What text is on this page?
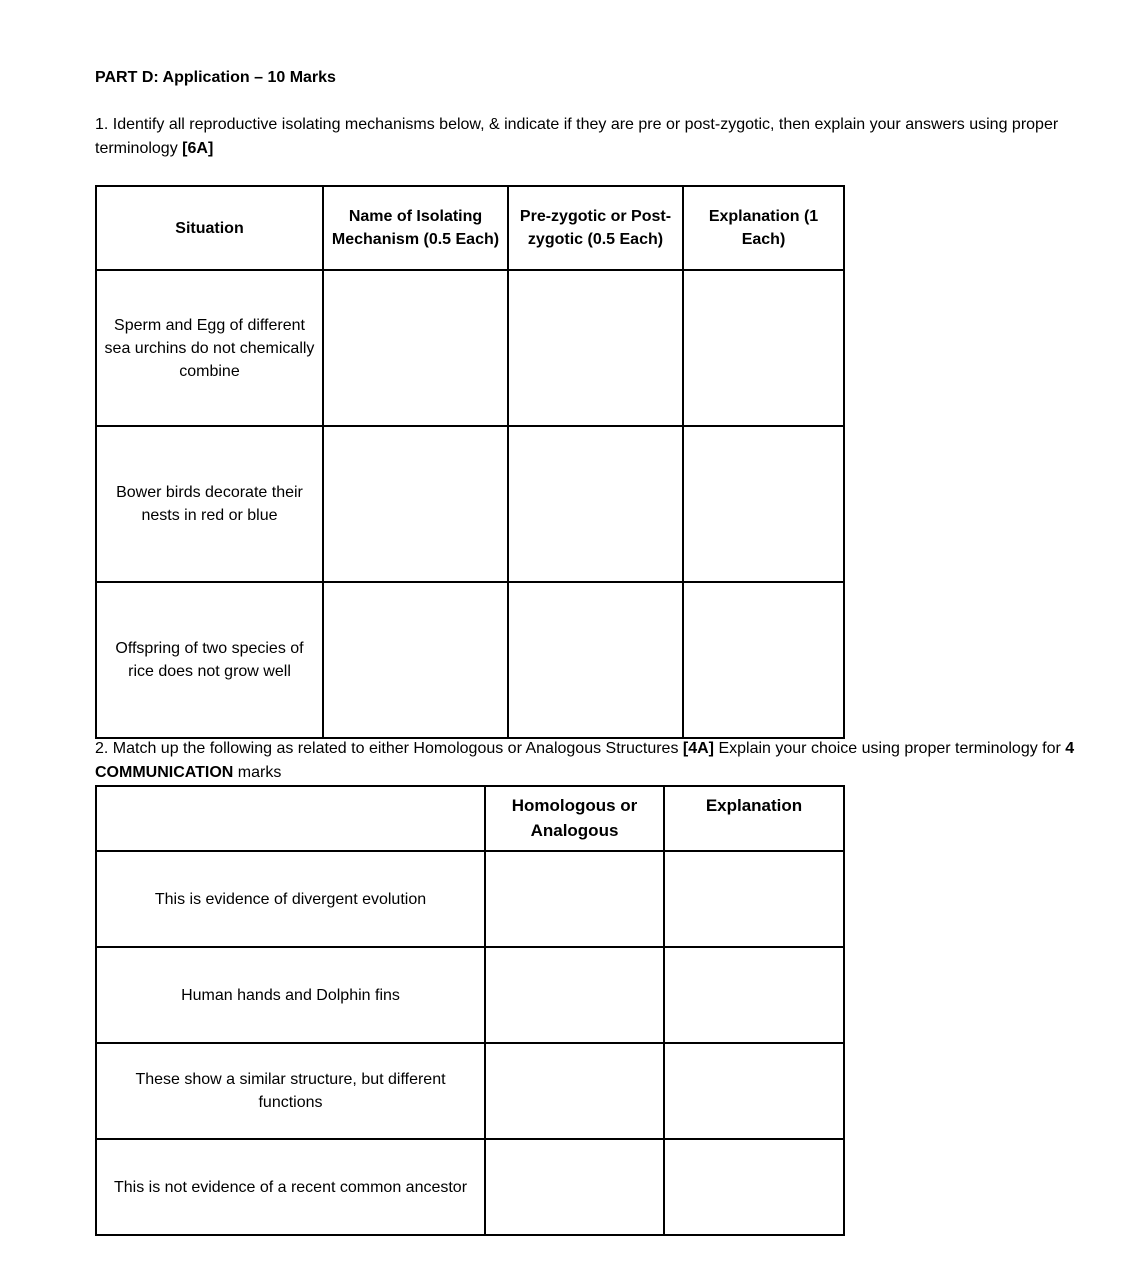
PART D: Application – 10 Marks
1. Identify all reproductive isolating mechanisms below, & indicate if they are pre or post-zygotic, then explain your answers using proper terminology [6A]
Situation	Name of Isolating Mechanism (0.5 Each)	Pre-zygotic or Post-zygotic (0.5 Each)	Explanation (1 Each)
Sperm and Egg of different sea urchins do not chemically combine			
Bower birds decorate their nests in red or blue			
Offspring of two species of rice does not grow well			
2. Match up the following as related to either Homologous or Analogous Structures [4A] Explain your choice using proper terminology for 4 COMMUNICATION marks
	Homologous or Analogous	Explanation
This is evidence of divergent evolution		
Human hands and Dolphin fins		
These show a similar structure, but different functions		
This is not evidence of a recent common ancestor		
